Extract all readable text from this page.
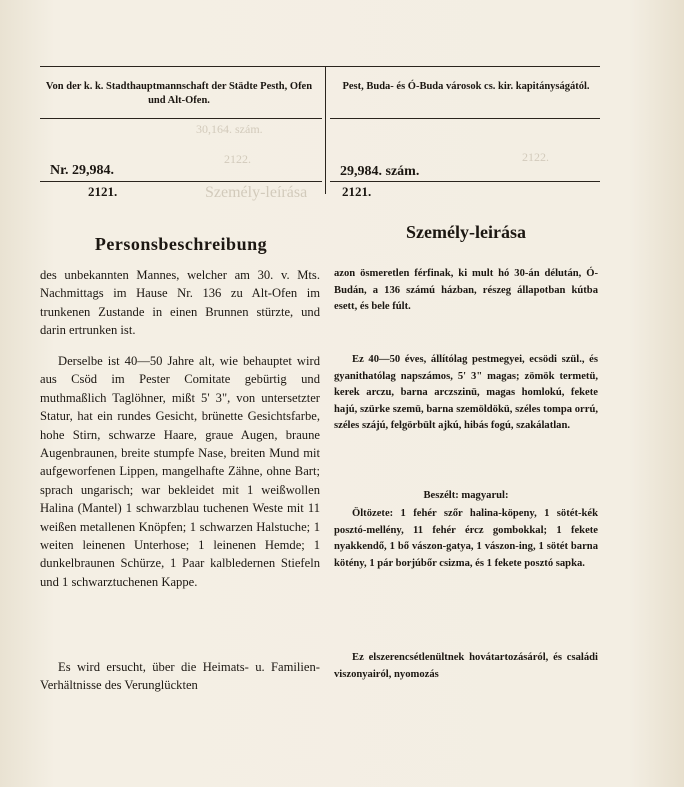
30,164. szám.
2122.
Személy-leírása
2122.
Von der k. k. Stadthauptmannschaft der Städte Pesth, Ofen und Alt-Ofen.
Pest, Buda- és Ó-Buda városok cs. kir. kapitányságától.
Nr. 29,984.
2121.
29,984. szám.
2121.
Personsbeschreibung
Személy-leirása

des unbekannten Mannes, welcher am 30. v. Mts. Nachmittags im Hause Nr. 136 zu Alt-Ofen im trunkenen Zustande in einen Brunnen stürzte, und darin ertrunken ist.

Derselbe ist 40—50 Jahre alt, wie behauptet wird aus Csöd im Pester Comitate gebürtig und muthmaßlich Taglöhner, mißt 5' 3", von untersetzter Statur, hat ein rundes Gesicht, brünette Gesichtsfarbe, hohe Stirn, schwarze Haare, graue Augen, braune Augenbraunen, breite stumpfe Nase, breiten Mund mit aufgeworfenen Lippen, mangelhafte Zähne, ohne Bart; sprach ungarisch; war bekleidet mit 1 weißwollen Halina (Mantel) 1 schwarzblau tuchenen Weste mit 11 weißen metallenen Knöpfen; 1 schwarzen Halstuche; 1 weiten leinenen Unterhose; 1 leinenen Hemde; 1 dunkelbraunen Schürze, 1 Paar kalbledernen Stiefeln und 1 schwarztuchenen Kappe.

Es wird ersucht, über die Heimats- u. Familien-Verhältnisse des Verunglückten

azon ösmeretlen férfinak, ki mult hó 30-án délután, Ó-Budán, a 136 számú házban, részeg állapotban kútba esett, és bele fúlt.

Ez 40—50 éves, állítólag pestmegyei, ecsödi szül., és gyanithatólag napszámos, 5' 3" magas; zömök termetü, kerek arczu, barna arczszinü, magas homlokú, fekete hajú, szürke szemü, barna szemöldökü, széles tompa orrú, széles szájú, felgörbült ajkú, hibás fogú, szakálatlan.

Beszélt: magyarul:

Öltözete: 1 fehér szőr halina-köpeny, 1 sötét-kék posztó-mellény, 11 fehér ércz gombokkal; 1 fekete nyakkendő, 1 bő vászon-gatya, 1 vászon-ing, 1 sötét barna kötény, 1 pár borjúbőr csizma, és 1 fekete posztó sapka.

Ez elszerencsétlenültnek hovátartozásáról, és családi viszonyairól, nyomozás
